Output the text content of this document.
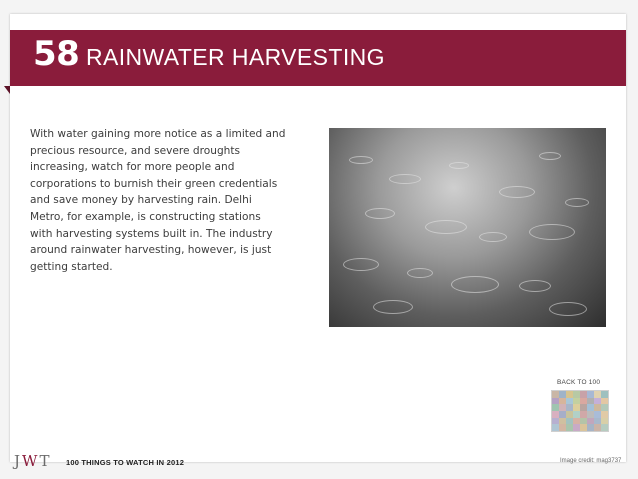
58 RAINWATER HARVESTING

With water gaining more notice as a limited and precious resource, and severe droughts increasing, watch for more people and corporations to burnish their green credentials and save money by harvesting rain. Delhi Metro, for example, is constructing stations with harvesting systems built in. The industry around rainwater harvesting, however, is just getting started.

BACK TO 100
JWT 100 THINGS TO WATCH IN 2012	Image credit: mag3737
